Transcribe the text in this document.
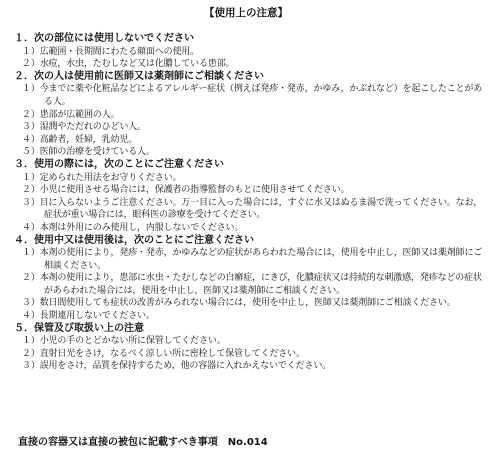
【使用上の注意】
１．次の部位には使用しないでください
１）広範囲・長期間にわたる顔面への使用。
２）水痘，水虫，たむしなど又は化膿している患部。
２．次の人は使用前に医師又は薬剤師にご相談ください
１）今までに薬や化粧品などによるアレルギー症状（例えば発疹・発赤，かゆみ，かぶれなど）を起こしたことがある人。
２）患部が広範囲の人。
３）湿潤やただれのひどい人。
４）高齢者，妊婦，乳幼児。
５）医師の治療を受けている人。
３．使用の際には，次のことにご注意ください
１）定められた用法をお守りください。
２）小児に使用させる場合には，保護者の指導監督のもとに使用させてください。
３）目に入らないようご注意ください。万一目に入った場合には，すぐに水又はぬるま湯で洗ってください。なお，症状が重い場合には，眼科医の診療を受けてください。
４）本剤は外用にのみ使用し，内服しないでください。
４．使用中又は使用後は，次のことにご注意ください
１）本剤の使用により，発疹・発赤，かゆみなどの症状があらわれた場合には，使用を中止し，医師又は薬剤師にご相談ください。
２）本剤の使用により，患部に水虫・たむしなどの白癬症，にきび，化膿症状又は持続的な刺激感，発疹などの症状があらわれた場合には，使用を中止し，医師又は薬剤師にご相談ください。
３）数日間使用しても症状の改善がみられない場合には，使用を中止し，医師又は薬剤師にご相談ください。
４）長期連用しないでください。
５．保管及び取扱い上の注意
１）小児の手のとどかない所に保管してください。
２）直射日光をさけ，なるべく涼しい所に密栓して保管してください。
３）誤用をさけ，品質を保持するため，他の容器に入れかえないでください。
直接の容器又は直接の被包に記載すべき事項　No.014
